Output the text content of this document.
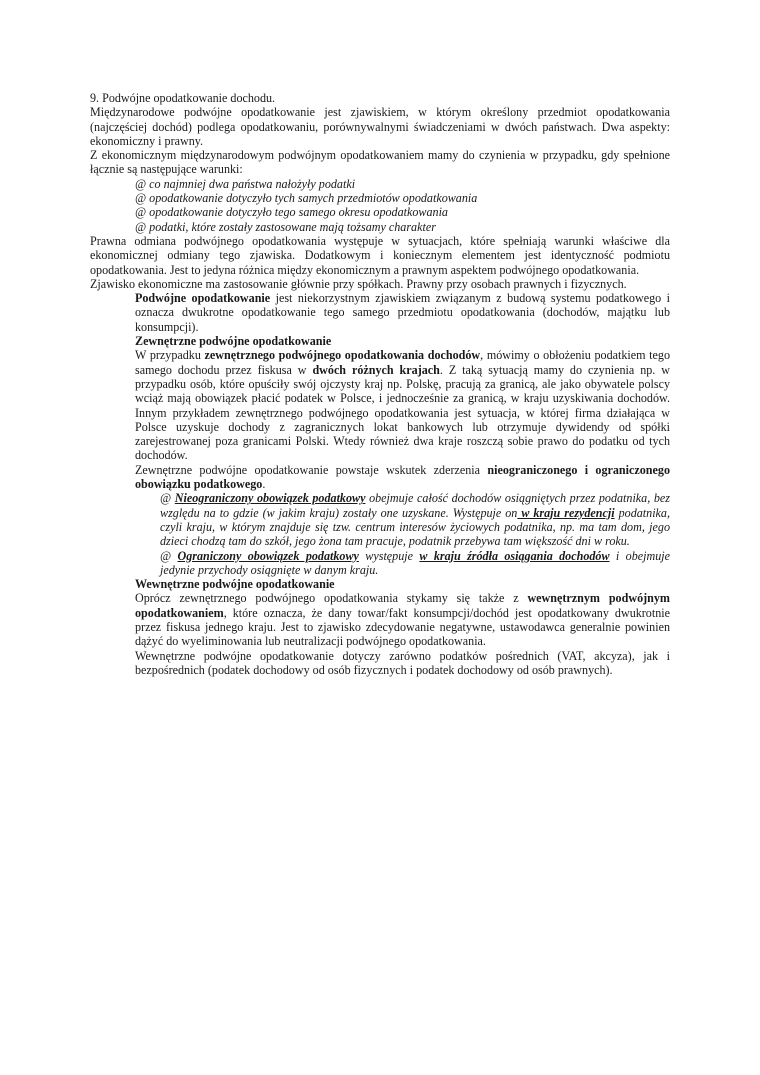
9. Podwójne opodatkowanie dochodu.

Międzynarodowe podwójne opodatkowanie jest zjawiskiem, w którym określony przedmiot opodatkowania (najczęściej dochód) podlega opodatkowaniu, porównywalnymi świadczeniami w dwóch państwach. Dwa aspekty: ekonomiczny i prawny.

Z ekonomicznym międzynarodowym podwójnym opodatkowaniem mamy do czynienia w przypadku, gdy spełnione łącznie są następujące warunki:

@ co najmniej dwa państwa nałożyły podatki

@ opodatkowanie dotyczyło tych samych przedmiotów opodatkowania

@ opodatkowanie dotyczyło tego samego okresu opodatkowania

@ podatki, które zostały zastosowane mają tożsamy charakter

Prawna odmiana podwójnego opodatkowania występuje w sytuacjach, które spełniają warunki właściwe dla ekonomicznej odmiany tego zjawiska. Dodatkowym i koniecznym elementem jest identyczność podmiotu opodatkowania. Jest to jedyna różnica między ekonomicznym a prawnym aspektem podwójnego opodatkowania.

Zjawisko ekonomiczne ma zastosowanie głównie przy spółkach. Prawny przy osobach prawnych i fizycznych.

Podwójne opodatkowanie jest niekorzystnym zjawiskiem związanym z budową systemu podatkowego i oznacza dwukrotne opodatkowanie tego samego przedmiotu opodatkowania (dochodów, majątku lub konsumpcji).

Zewnętrzne podwójne opodatkowanie

W przypadku zewnętrznego podwójnego opodatkowania dochodów, mówimy o obłożeniu podatkiem tego samego dochodu przez fiskusa w dwóch różnych krajach. Z taką sytuacją mamy do czynienia np. w przypadku osób, które opuściły swój ojczysty kraj np. Polskę, pracują za granicą, ale jako obywatele polscy wciąż mają obowiązek płacić podatek w Polsce, i jednocześnie za granicą, w kraju uzyskiwania dochodów. Innym przykładem zewnętrznego podwójnego opodatkowania jest sytuacja, w której firma działająca w Polsce uzyskuje dochody z zagranicznych lokat bankowych lub otrzymuje dywidendy od spółki zarejestrowanej poza granicami Polski. Wtedy również dwa kraje roszczą sobie prawo do podatku od tych dochodów.

Zewnętrzne podwójne opodatkowanie powstaje wskutek zderzenia nieograniczonego i ograniczonego obowiązku podatkowego.

@ Nieograniczony obowiązek podatkowy obejmuje całość dochodów osiągniętych przez podatnika, bez względu na to gdzie (w jakim kraju) zostały one uzyskane. Występuje on w kraju rezydencji podatnika, czyli kraju, w którym znajduje się tzw. centrum interesów życiowych podatnika, np. ma tam dom, jego dzieci chodzą tam do szkół, jego żona tam pracuje, podatnik przebywa tam większość dni w roku.

@ Ograniczony obowiązek podatkowy występuje w kraju źródła osiągania dochodów i obejmuje jedynie przychody osiągnięte w danym kraju.

Wewnętrzne podwójne opodatkowanie

Oprócz zewnętrznego podwójnego opodatkowania stykamy się także z wewnętrznym podwójnym opodatkowaniem, które oznacza, że dany towar/fakt konsumpcji/dochód jest opodatkowany dwukrotnie przez fiskusa jednego kraju. Jest to zjawisko zdecydowanie negatywne, ustawodawca generalnie powinien dążyć do wyeliminowania lub neutralizacji podwójnego opodatkowania.

Wewnętrzne podwójne opodatkowanie dotyczy zarówno podatków pośrednich (VAT, akcyza), jak i bezpośrednich (podatek dochodowy od osób fizycznych i podatek dochodowy od osób prawnych).
